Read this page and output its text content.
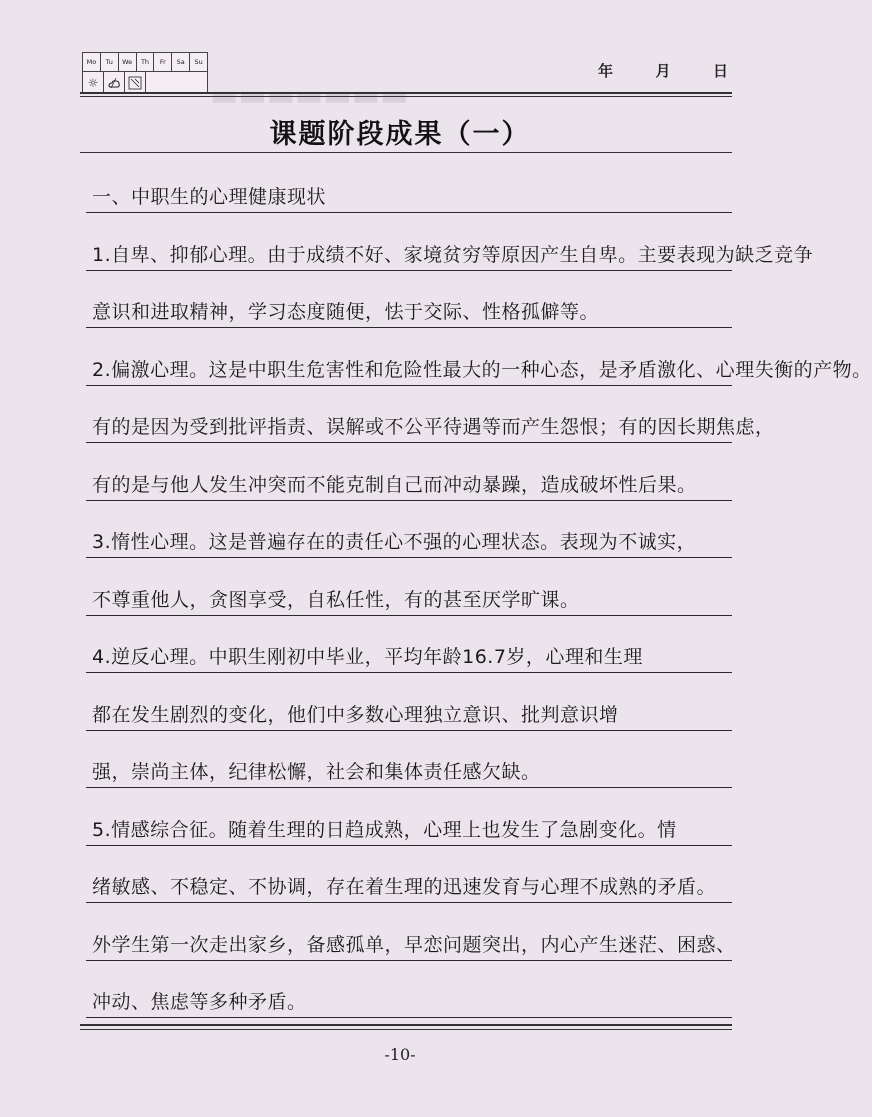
▬▬▬▬▬▬▬
Mo	Tu	We	Th	Fr	Sa	Su
☼
年	月	日
课题阶段成果（一）
一、中职生的心理健康现状
1.自卑、抑郁心理。由于成绩不好、家境贫穷等原因产生自卑。主要表现为缺乏竞争
意识和进取精神，学习态度随便，怯于交际、性格孤僻等。
2.偏激心理。这是中职生危害性和危险性最大的一种心态，是矛盾激化、心理失衡的产物。
有的是因为受到批评指责、误解或不公平待遇等而产生怨恨；有的因长期焦虑，
有的是与他人发生冲突而不能克制自己而冲动暴躁，造成破坏性后果。
3.惰性心理。这是普遍存在的责任心不强的心理状态。表现为不诚实，
不尊重他人，贪图享受，自私任性，有的甚至厌学旷课。
4.逆反心理。中职生刚初中毕业，平均年龄16.7岁，心理和生理
都在发生剧烈的变化，他们中多数心理独立意识、批判意识增
强，崇尚主体，纪律松懈，社会和集体责任感欠缺。
5.情感综合征。随着生理的日趋成熟，心理上也发生了急剧变化。情
绪敏感、不稳定、不协调，存在着生理的迅速发育与心理不成熟的矛盾。
外学生第一次走出家乡，备感孤单，早恋问题突出，内心产生迷茫、困惑、
冲动、焦虑等多种矛盾。
-10-
